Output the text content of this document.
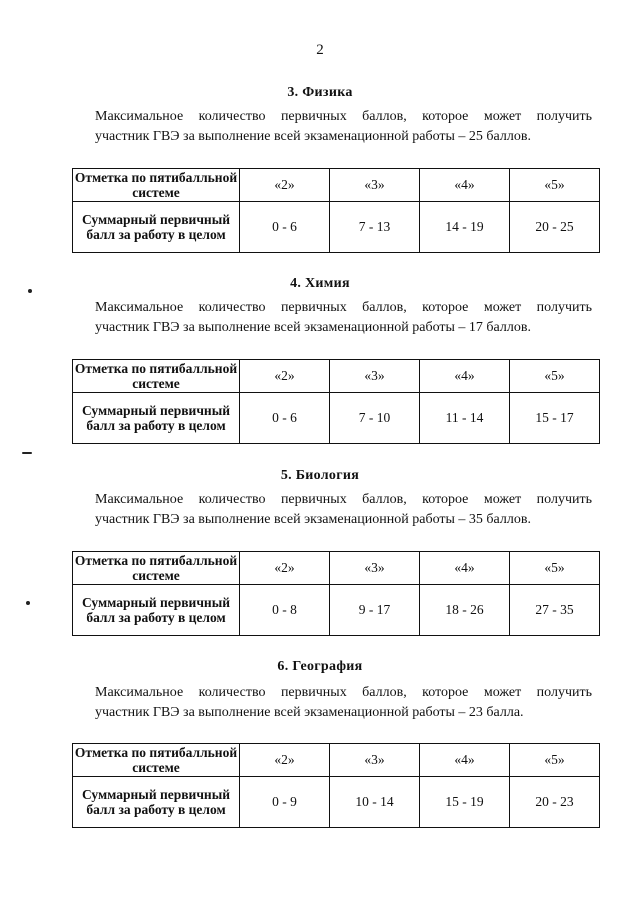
2
3. Физика
Максимальное количество первичных баллов, которое может получить
участник ГВЭ за выполнение всей экзаменационной работы – 25 баллов.
Отметка по пятибалльной системе	«2»	«3»	«4»	«5»
Суммарный первичный балл за работу в целом	0 - 6	7 - 13	14 - 19	20 - 25
4. Химия
Максимальное количество первичных баллов, которое может получить
участник ГВЭ за выполнение всей экзаменационной работы – 17 баллов.
Отметка по пятибалльной системе	«2»	«3»	«4»	«5»
Суммарный первичный балл за работу в целом	0 - 6	7 - 10	11 - 14	15 - 17
5. Биология
Максимальное количество первичных баллов, которое может получить
участник ГВЭ за выполнение всей экзаменационной работы – 35 баллов.
Отметка по пятибалльной системе	«2»	«3»	«4»	«5»
Суммарный первичный балл за работу в целом	0 - 8	9 - 17	18 - 26	27 - 35
6. География
Максимальное количество первичных баллов, которое может получить
участник ГВЭ за выполнение всей экзаменационной работы – 23 балла.
Отметка по пятибалльной системе	«2»	«3»	«4»	«5»
Суммарный первичный балл за работу в целом	0 - 9	10 - 14	15 - 19	20 - 23
